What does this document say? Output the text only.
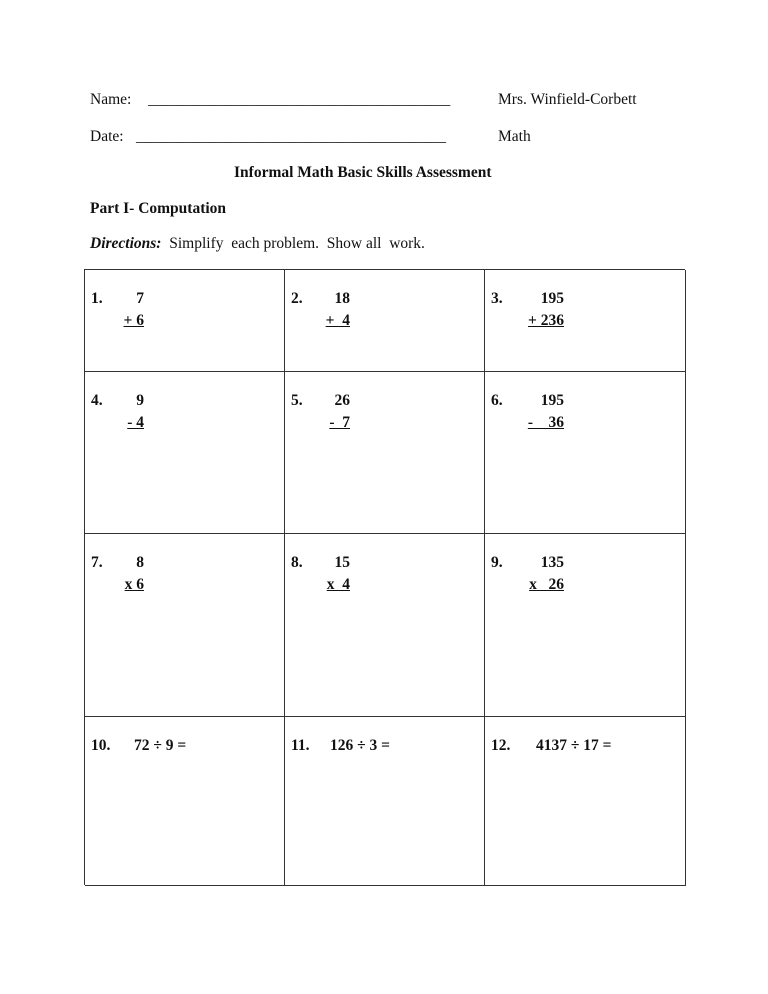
Name: _______________________________________	Mrs. Winfield-Corbett
Date: ________________________________________	Math
Informal Math Basic Skills Assessment
Part I- Computation
Directions:  Simplify  each problem.  Show all  work.
1. 7
+ 6
2. 18
+  4
3. 195
+ 236
4. 9
- 4
5. 26
-  7
6. 195
-    36
7. 8
x 6
8. 15
x  4
9. 135
x   26
10. 72 ÷ 9 =	11. 126 ÷ 3 =	12. 4137 ÷ 17 =
